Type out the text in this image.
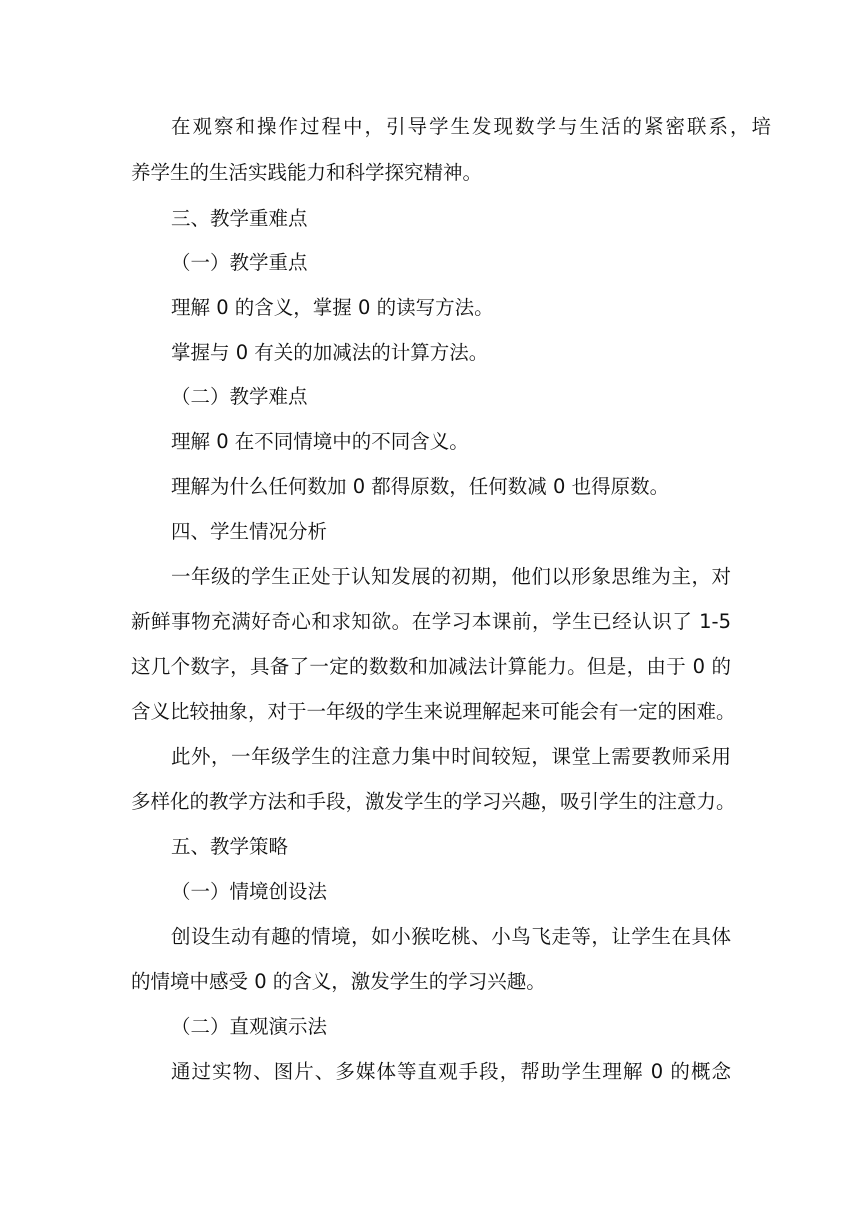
在观察和操作过程中，引导学生发现数学与生活的紧密联系，培
养学生的生活实践能力和科学探究精神。
三、教学重难点
（一）教学重点
理解 0 的含义，掌握 0 的读写方法。
掌握与 0 有关的加减法的计算方法。
（二）教学难点
理解 0 在不同情境中的不同含义。
理解为什么任何数加 0 都得原数，任何数减 0 也得原数。
四、学生情况分析
一年级的学生正处于认知发展的初期，他们以形象思维为主，对
新鲜事物充满好奇心和求知欲。在学习本课前，学生已经认识了 1-5
这几个数字，具备了一定的数数和加减法计算能力。但是，由于 0 的
含义比较抽象，对于一年级的学生来说理解起来可能会有一定的困难。
此外，一年级学生的注意力集中时间较短，课堂上需要教师采用
多样化的教学方法和手段，激发学生的学习兴趣，吸引学生的注意力。
五、教学策略
（一）情境创设法
创设生动有趣的情境，如小猴吃桃、小鸟飞走等，让学生在具体
的情境中感受 0 的含义，激发学生的学习兴趣。
（二）直观演示法
通过实物、图片、多媒体等直观手段，帮助学生理解 0 的概念
